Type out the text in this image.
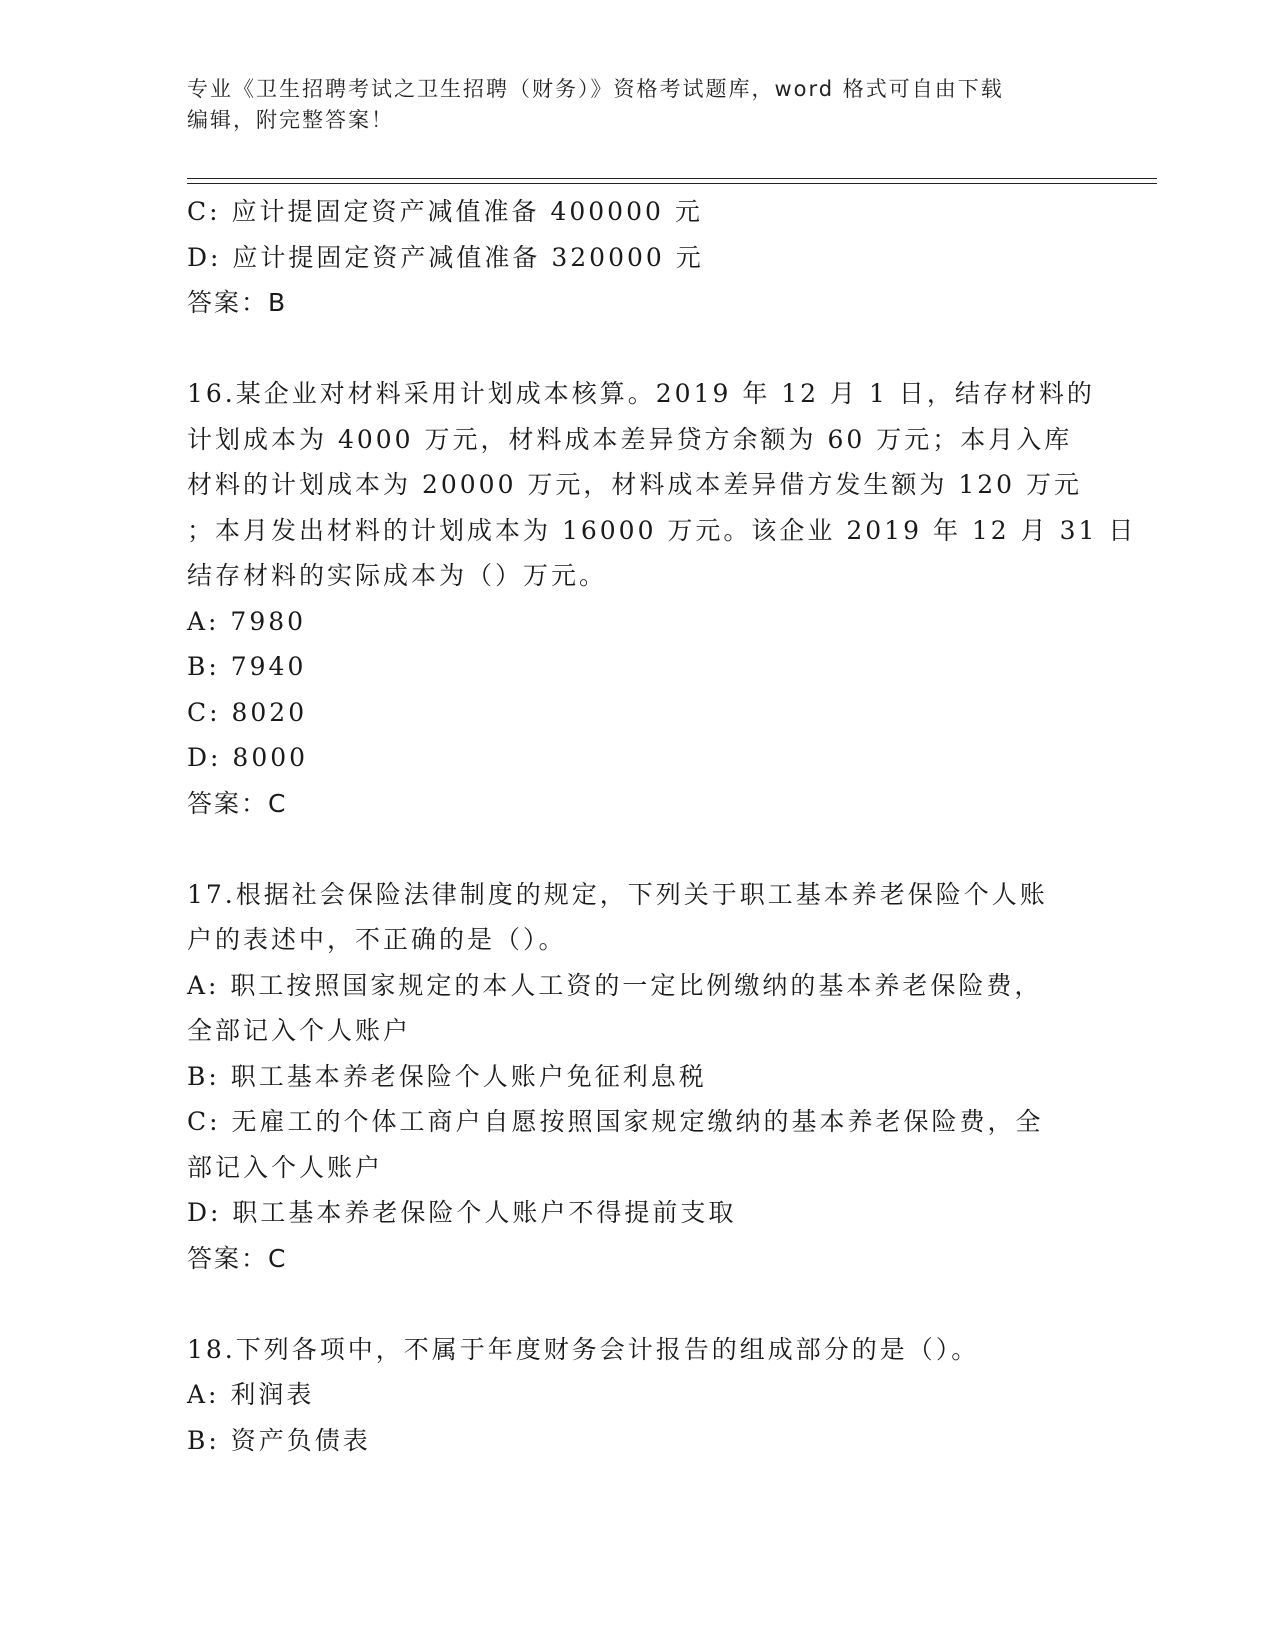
专业《卫生招聘考试之卫生招聘（财务）》资格考试题库，word 格式可自由下载
编辑，附完整答案！
C: 应计提固定资产减值准备 400000 元
D: 应计提固定资产减值准备 320000 元
答案：B
16.某企业对材料采用计划成本核算。2019 年 12 月 1 日，结存材料的
计划成本为 4000 万元，材料成本差异贷方余额为 60 万元；本月入库
材料的计划成本为 20000 万元，材料成本差异借方发生额为 120 万元
；本月发出材料的计划成本为 16000 万元。该企业 2019 年 12 月 31 日
结存材料的实际成本为（）万元。
A: 7980
B: 7940
C: 8020
D: 8000
答案：C
17.根据社会保险法律制度的规定，下列关于职工基本养老保险个人账
户的表述中，不正确的是（）。
A: 职工按照国家规定的本人工资的一定比例缴纳的基本养老保险费，
全部记入个人账户
B: 职工基本养老保险个人账户免征利息税
C: 无雇工的个体工商户自愿按照国家规定缴纳的基本养老保险费，全
部记入个人账户
D: 职工基本养老保险个人账户不得提前支取
答案：C
18.下列各项中，不属于年度财务会计报告的组成部分的是（）。
A: 利润表
B: 资产负债表
